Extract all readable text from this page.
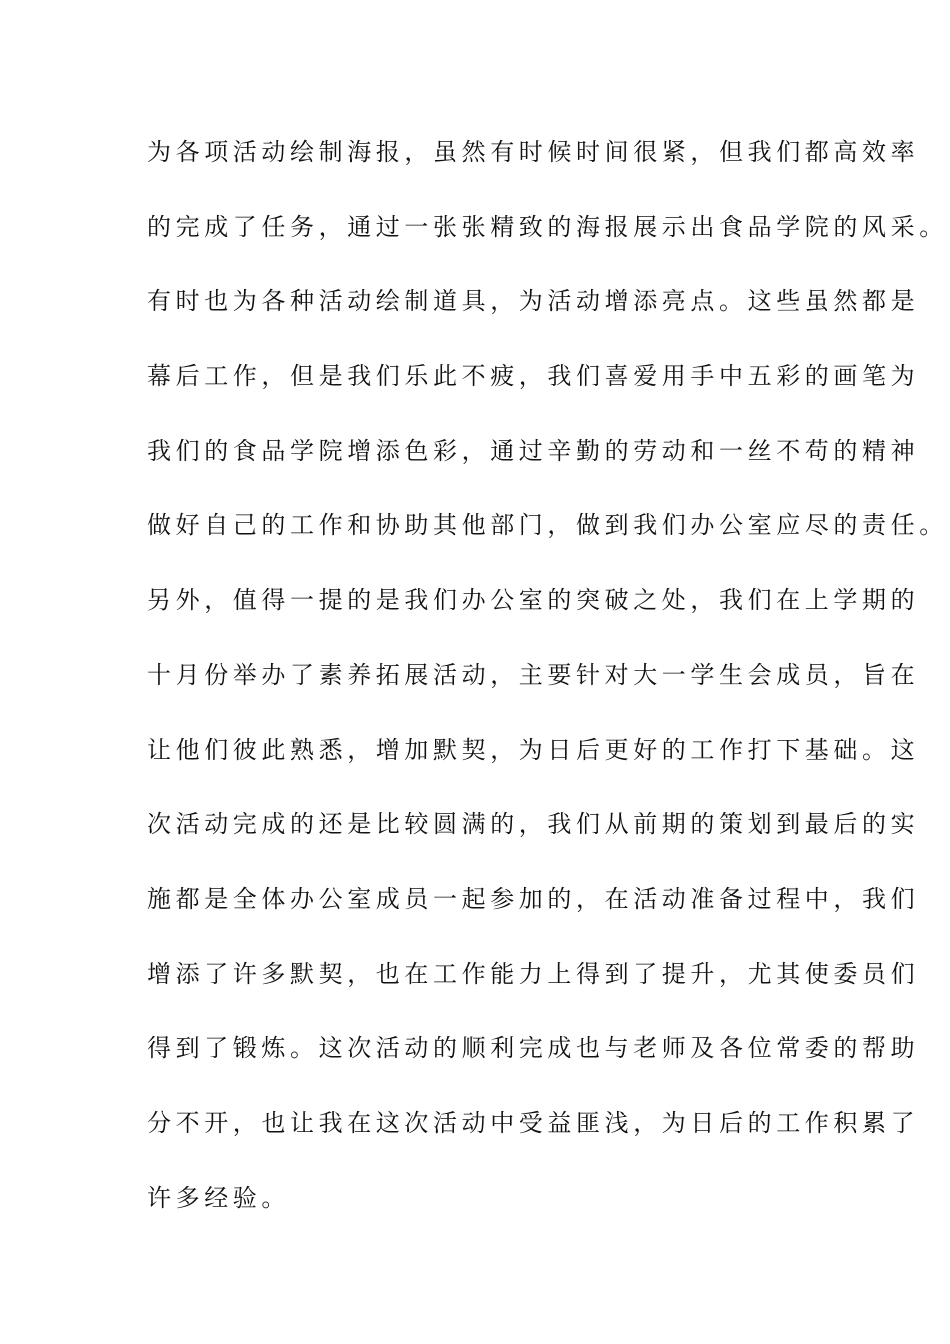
为各项活动绘制海报，虽然有时候时间很紧，但我们都高效率
的完成了任务，通过一张张精致的海报展示出食品学院的风采。
有时也为各种活动绘制道具，为活动增添亮点。这些虽然都是
幕后工作，但是我们乐此不疲，我们喜爱用手中五彩的画笔为
我们的食品学院增添色彩，通过辛勤的劳动和一丝不苟的精神
做好自己的工作和协助其他部门，做到我们办公室应尽的责任。
另外，值得一提的是我们办公室的突破之处，我们在上学期的
十月份举办了素养拓展活动，主要针对大一学生会成员，旨在
让他们彼此熟悉，增加默契，为日后更好的工作打下基础。这
次活动完成的还是比较圆满的，我们从前期的策划到最后的实
施都是全体办公室成员一起参加的，在活动准备过程中，我们
增添了许多默契，也在工作能力上得到了提升，尤其使委员们
得到了锻炼。这次活动的顺利完成也与老师及各位常委的帮助
分不开，也让我在这次活动中受益匪浅，为日后的工作积累了
许多经验。
